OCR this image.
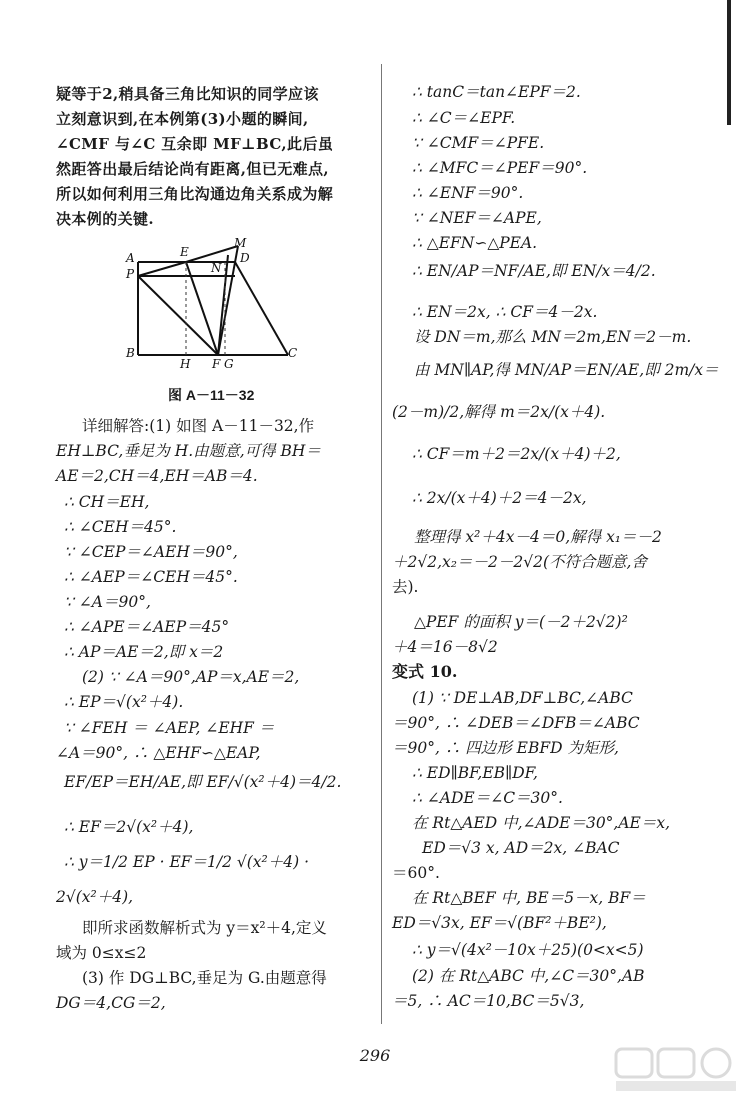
疑等于2,稍具备三角比知识的同学应该
立刻意识到,在本例第(3)小题的瞬间,
∠CMF 与∠C 互余即 MF⊥BC,此后虽
然距答出最后结论尚有距离,但已无难点,
所以如何利用三角比沟通边角关系成为解
决本例的关键.
详细解答:(1) 如图 A－11－32,作
EH⊥BC,垂足为 H.由题意,可得 BH＝
AE＝2,CH＝4,EH＝AB＝4.
∴ CH＝EH,
∴ ∠CEH＝45°.
∵ ∠CEP＝∠AEH＝90°,
∴ ∠AEP＝∠CEH＝45°.
∵ ∠A＝90°,
∴ ∠APE＝∠AEP＝45°
∴ AP＝AE＝2,即 x＝2
(2) ∵ ∠A＝90°,AP＝x,AE＝2,
∴ EP＝√(x²＋4).
∵ ∠FEH ＝ ∠AEP, ∠EHF ＝
∠A＝90°, ∴ △EHF∽△EAP,
EF/EP＝EH/AE,即 EF/√(x²＋4)＝4/2.
∴ EF＝2√(x²＋4),
∴ y＝1/2 EP · EF＝1/2 √(x²＋4) ·
2√(x²＋4),
即所求函数解析式为 y＝x²＋4,定义
域为 0≤x≤2
(3) 作 DG⊥BC,垂足为 G.由题意得
DG＝4,CG＝2,
A
P
B
E
M
D
N
H F G
C
图 A－11－32
∴ tanC＝tan∠EPF＝2.
∴ ∠C＝∠EPF.
∵ ∠CMF＝∠PFE.
∴ ∠MFC＝∠PEF＝90°.
∴ ∠ENF＝90°.
∵ ∠NEF＝∠APE,
∴ △EFN∽△PEA.
∴ EN/AP＝NF/AE,即 EN/x＝4/2.
∴ EN＝2x, ∴ CF＝4－2x.
设 DN＝m,那么 MN＝2m,EN＝2－m.
由 MN∥AP,得 MN/AP＝EN/AE,即 2m/x＝
(2－m)/2,解得 m＝2x/(x＋4).
∴ CF＝m＋2＝2x/(x＋4)＋2,
∴ 2x/(x＋4)＋2＝4－2x,
整理得 x²＋4x－4＝0,解得 x₁＝－2
＋2√2,x₂＝－2－2√2(不符合题意,舍
去).
△PEF 的面积 y＝(－2＋2√2)²
＋4＝16－8√2
变式 10.
(1) ∵ DE⊥AB,DF⊥BC,∠ABC
＝90°, ∴ ∠DEB＝∠DFB＝∠ABC
＝90°, ∴ 四边形 EBFD 为矩形,
∴ ED∥BF,EB∥DF,
∴ ∠ADE＝∠C＝30°.
在 Rt△AED 中,∠ADE＝30°,AE＝x,
ED＝√3 x, AD＝2x, ∠BAC
＝60°.
在 Rt△BEF 中, BE＝5－x, BF＝
ED＝√3x, EF＝√(BF²＋BE²),
∴ y＝√(4x²－10x＋25)(0<x<5)
(2) 在 Rt△ABC 中,∠C＝30°,AB
＝5, ∴ AC＝10,BC＝5√3,
296
